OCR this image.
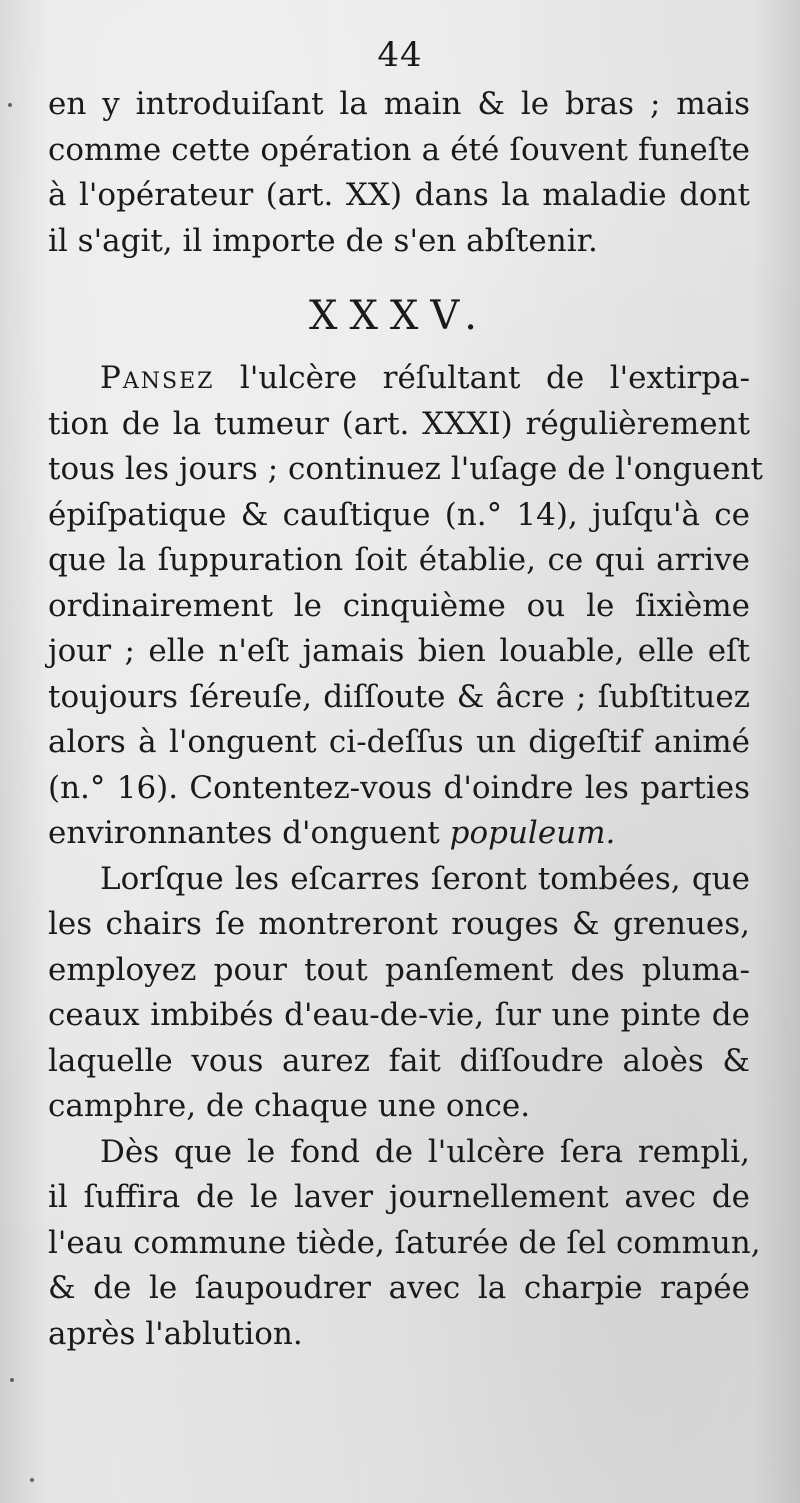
44
en y introduiſant la main & le bras ; mais
comme cette opération a été ſouvent funeſte
à l'opérateur (art. XX) dans la maladie dont
il s'agit, il importe de s'en abſtenir.
XXXV.
Pansez l'ulcère réſultant de l'extirpa-
tion de la tumeur (art. XXXI) régulièrement
tous les jours ; continuez l'uſage de l'onguent
épiſpatique & cauſtique (n.° 14), juſqu'à ce
que la ſuppuration ſoit établie, ce qui arrive
ordinairement le cinquième ou le ſixième
jour ; elle n'eſt jamais bien louable, elle eſt
toujours ſéreuſe, diſſoute & âcre ; ſubſtituez
alors à l'onguent ci-deſſus un digeſtif animé
(n.° 16). Contentez-vous d'oindre les parties
environnantes d'onguent populeum.
Lorſque les eſcarres ſeront tombées, que
les chairs ſe montreront rouges & grenues,
employez pour tout panſement des pluma-
ceaux imbibés d'eau-de-vie, ſur une pinte de
laquelle vous aurez fait diſſoudre aloès &
camphre, de chaque une once.
Dès que le fond de l'ulcère ſera rempli,
il ſuffira de le laver journellement avec de
l'eau commune tiède, ſaturée de ſel commun,
& de le ſaupoudrer avec la charpie rapée
après l'ablution.
